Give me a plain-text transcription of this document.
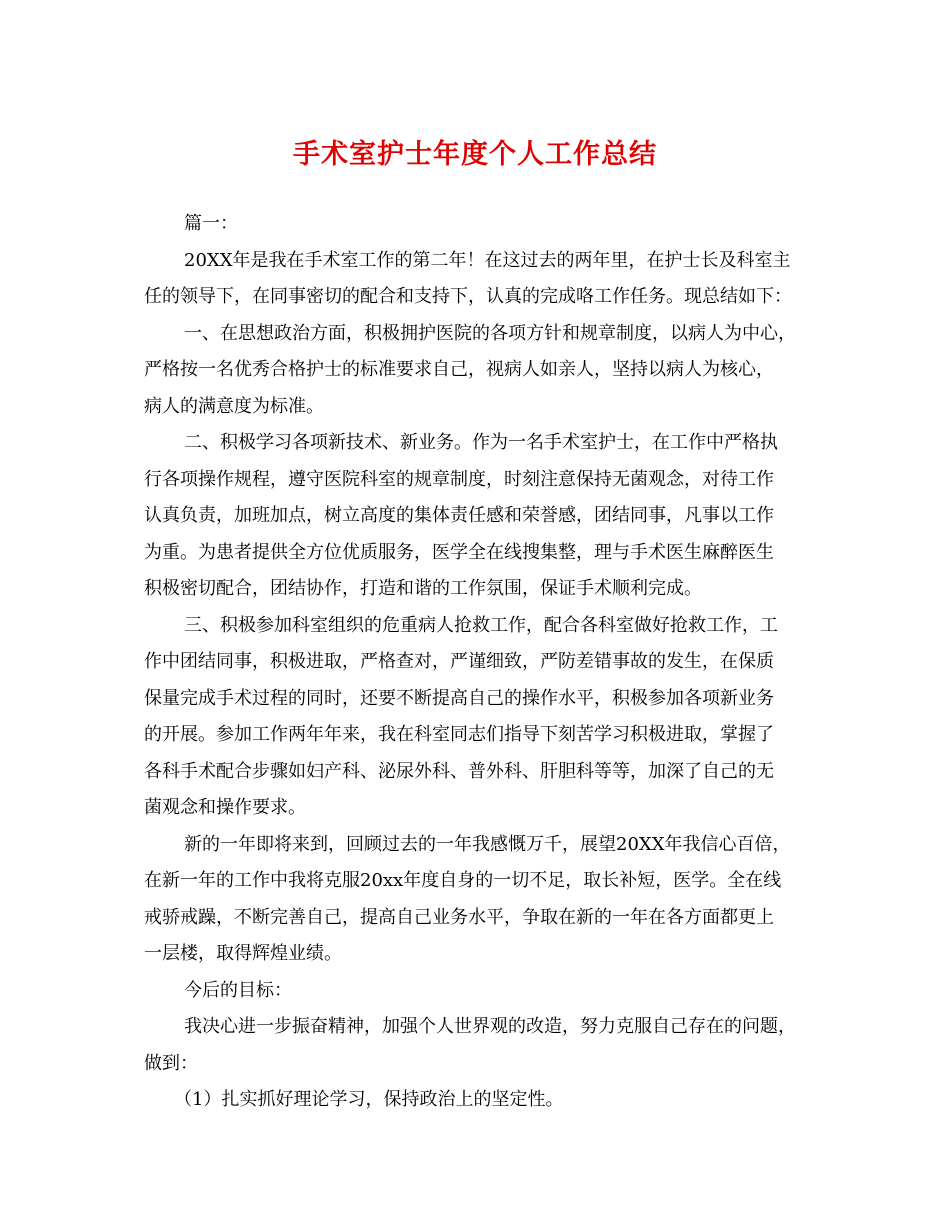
手术室护士年度个人工作总结

篇一：

20XX年是我在手术室工作的第二年！在这过去的两年里，在护士长及科室主

任的领导下，在同事密切的配合和支持下，认真的完成咯工作任务。现总结如下：

一、在思想政治方面，积极拥护医院的各项方针和规章制度，以病人为中心，

严格按一名优秀合格护士的标准要求自己，视病人如亲人，坚持以病人为核心，

病人的满意度为标准。

二、积极学习各项新技术、新业务。作为一名手术室护士，在工作中严格执

行各项操作规程，遵守医院科室的规章制度，时刻注意保持无菌观念，对待工作

认真负责，加班加点，树立高度的集体责任感和荣誉感，团结同事，凡事以工作

为重。为患者提供全方位优质服务，医学全在线搜集整，理与手术医生麻醉医生

积极密切配合，团结协作，打造和谐的工作氛围，保证手术顺利完成。

三、积极参加科室组织的危重病人抢救工作，配合各科室做好抢救工作，工

作中团结同事，积极进取，严格查对，严谨细致，严防差错事故的发生，在保质

保量完成手术过程的同时，还要不断提高自己的操作水平，积极参加各项新业务

的开展。参加工作两年年来，我在科室同志们指导下刻苦学习积极进取，掌握了

各科手术配合步骤如妇产科、泌尿外科、普外科、肝胆科等等，加深了自己的无

菌观念和操作要求。

新的一年即将来到，回顾过去的一年我感慨万千，展望20XX年我信心百倍，

在新一年的工作中我将克服20xx年度自身的一切不足，取长补短，医学。全在线

戒骄戒躁，不断完善自己，提高自己业务水平，争取在新的一年在各方面都更上

一层楼，取得辉煌业绩。

今后的目标：

我决心进一步振奋精神，加强个人世界观的改造，努力克服自己存在的问题，

做到：

（1）扎实抓好理论学习，保持政治上的坚定性。
